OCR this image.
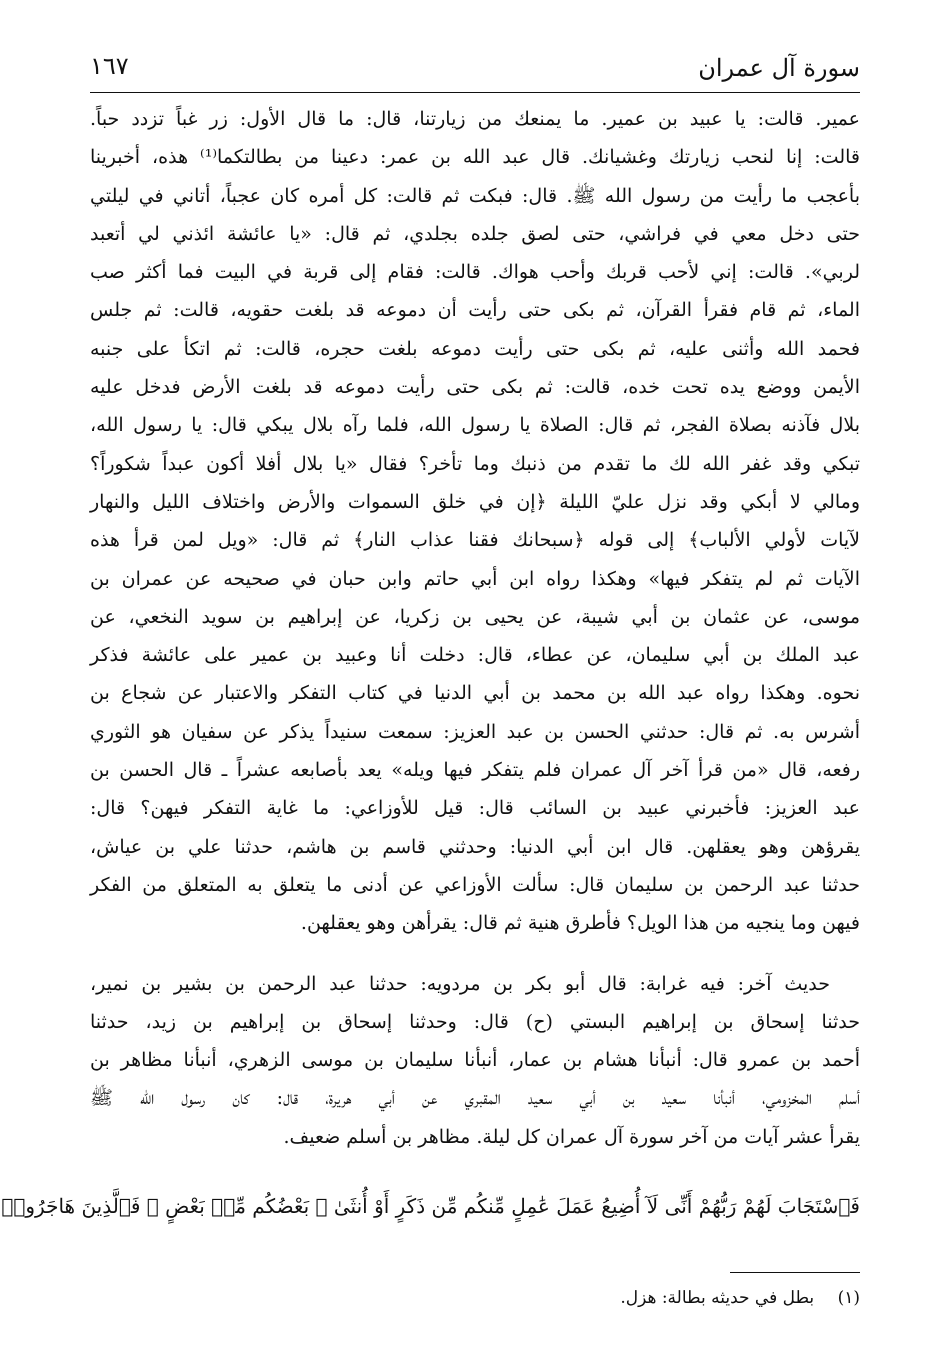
سورة آل عمران
١٦٧

عمير. قالت: يا عبيد بن عمير. ما يمنعك من زيارتنا، قال: ما قال الأول: زر غباً تزدد حباً.

قالت: إنا لنحب زيارتك وغشيانك. قال عبد الله بن عمر: دعينا من بطالتكما⁽¹⁾ هذه، أخبرينا

بأعجب ما رأيت من رسول الله ﷺ. قال: فبكت ثم قالت: كل أمره كان عجباً، أتاني في ليلتي

حتى دخل معي في فراشي، حتى لصق جلده بجلدي، ثم قال: «يا عائشة ائذني لي أتعبد

لربي». قالت: إني لأحب قربك وأحب هواك. قالت: فقام إلى قربة في البيت فما أكثر صب

الماء، ثم قام فقرأ القرآن، ثم بكى حتى رأيت أن دموعه قد بلغت حقويه، قالت: ثم جلس

فحمد الله وأثنى عليه، ثم بكى حتى رأيت دموعه بلغت حجره، قالت: ثم اتكأ على جنبه

الأيمن ووضع يده تحت خده، قالت: ثم بكى حتى رأيت دموعه قد بلغت الأرض فدخل عليه

بلال فآذنه بصلاة الفجر، ثم قال: الصلاة يا رسول الله، فلما رآه بلال يبكي قال: يا رسول الله،

تبكي وقد غفر الله لك ما تقدم من ذنبك وما تأخر؟ فقال «يا بلال أفلا أكون عبداً شكوراً؟

ومالي لا أبكي وقد نزل عليّ الليلة ﴿إن في خلق السموات والأرض واختلاف الليل والنهار

لآيات لأولي الألباب﴾ إلى قوله ﴿سبحانك فقنا عذاب النار﴾ ثم قال: «ويل لمن قرأ هذه

الآيات ثم لم يتفكر فيها» وهكذا رواه ابن أبي حاتم وابن حبان في صحيحه عن عمران بن

موسى، عن عثمان بن أبي شيبة، عن يحيى بن زكريا، عن إبراهيم بن سويد النخعي، عن

عبد الملك بن أبي سليمان، عن عطاء، قال: دخلت أنا وعبيد بن عمير على عائشة فذكر

نحوه. وهكذا رواه عبد الله بن محمد بن أبي الدنيا في كتاب التفكر والاعتبار عن شجاع بن

أشرس به. ثم قال: حدثني الحسن بن عبد العزيز: سمعت سنيداً يذكر عن سفيان هو الثوري

رفعه، قال «من قرأ آخر آل عمران فلم يتفكر فيها ويله» يعد بأصابعه عشراً ـ قال الحسن بن

عبد العزيز: فأخبرني عبيد بن السائب قال: قيل للأوزاعي: ما غاية التفكر فيهن؟ قال:

يقرؤهن وهو يعقلهن. قال ابن أبي الدنيا: وحدثني قاسم بن هاشم، حدثنا علي بن عياش،

حدثنا عبد الرحمن بن سليمان قال: سألت الأوزاعي عن أدنى ما يتعلق به المتعلق من الفكر

فيهن وما ينجيه من هذا الويل؟ فأطرق هنية ثم قال: يقرأهن وهو يعقلهن.

حديث آخر: فيه غرابة: قال أبو بكر بن مردويه: حدثنا عبد الرحمن بن بشير بن نمير،

حدثنا إسحاق بن إبراهيم البستي (ح) قال: وحدثنا إسحاق بن إبراهيم بن زيد، حدثنا

أحمد بن عمرو قال: أنبأنا هشام بن عمار، أنبأنا سليمان بن موسى الزهري، أنبأنا مظاهر بن

أسلم المخزومي، أنبأنا سعيد بن أبي سعيد المقبري عن أبي هريرة، قال: كان رسول الله ﷺ

يقرأ عشر آيات من آخر سورة آل عمران كل ليلة. مظاهر بن أسلم ضعيف.

فَٱسْتَجَابَ لَهُمْ رَبُّهُمْ أَنِّى لَآ أُضِيعُ عَمَلَ عَٰمِلٍ مِّنكُم مِّن ذَكَرٍ أَوْ أُنثَىٰ ۖ بَعْضُكُم مِّنۢ بَعْضٍ ۖ فَٱلَّذِينَ هَاجَرُوا۟
(١) بطل في حديثه بطالة: هزل.
